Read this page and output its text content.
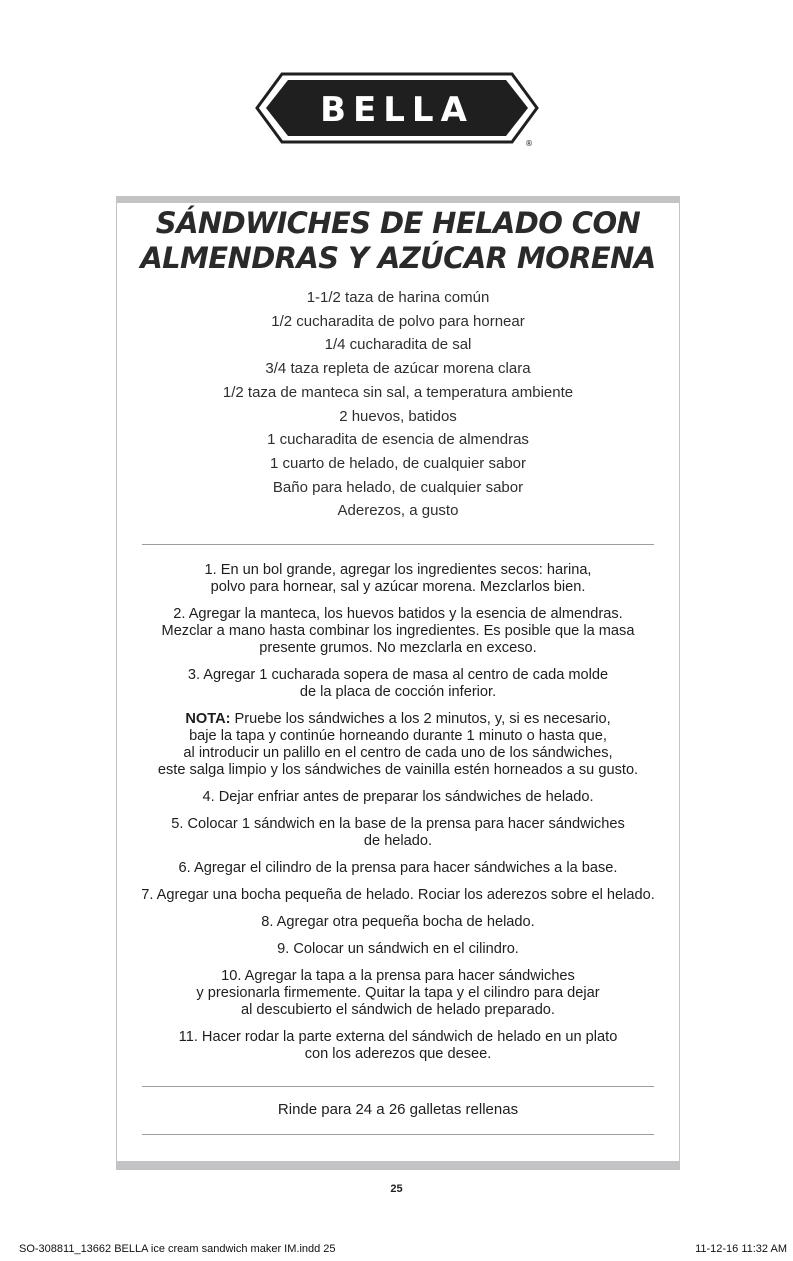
BELLA
®
SÁNDWICHES DE HELADO CON
ALMENDRAS Y AZÚCAR MORENA
1-1/2 taza de harina común
1/2 cucharadita de polvo para hornear
1/4 cucharadita de sal
3/4 taza repleta de azúcar morena clara
1/2 taza de manteca sin sal, a temperatura ambiente
2 huevos, batidos
1 cucharadita de esencia de almendras
1 cuarto de helado, de cualquier sabor
Baño para helado, de cualquier sabor
Aderezos, a gusto
1. En un bol grande, agregar los ingredientes secos: harina,
polvo para hornear, sal y azúcar morena. Mezclarlos bien.
2. Agregar la manteca, los huevos batidos y la esencia de almendras.
Mezclar a mano hasta combinar los ingredientes. Es posible que la masa
presente grumos. No mezclarla en exceso.
3. Agregar 1 cucharada sopera de masa al centro de cada molde
de la placa de cocción inferior.
NOTA: Pruebe los sándwiches a los 2 minutos, y, si es necesario,
baje la tapa y continúe horneando durante 1 minuto o hasta que,
al introducir un palillo en el centro de cada uno de los sándwiches,
este salga limpio y los sándwiches de vainilla estén horneados a su gusto.
4. Dejar enfriar antes de preparar los sándwiches de helado.
5. Colocar 1 sándwich en la base de la prensa para hacer sándwiches
de helado.
6. Agregar el cilindro de la prensa para hacer sándwiches a la base.
7. Agregar una bocha pequeña de helado. Rociar los aderezos sobre el helado.
8. Agregar otra pequeña bocha de helado.
9. Colocar un sándwich en el cilindro.
10. Agregar la tapa a la prensa para hacer sándwiches
y presionarla firmemente. Quitar la tapa y el cilindro para dejar
al descubierto el sándwich de helado preparado.
11. Hacer rodar la parte externa del sándwich de helado en un plato
con los aderezos que desee.
Rinde para 24 a 26 galletas rellenas
25
SO-308811_13662 BELLA ice cream sandwich maker IM.indd 25	11-12-16 11:32 AM
